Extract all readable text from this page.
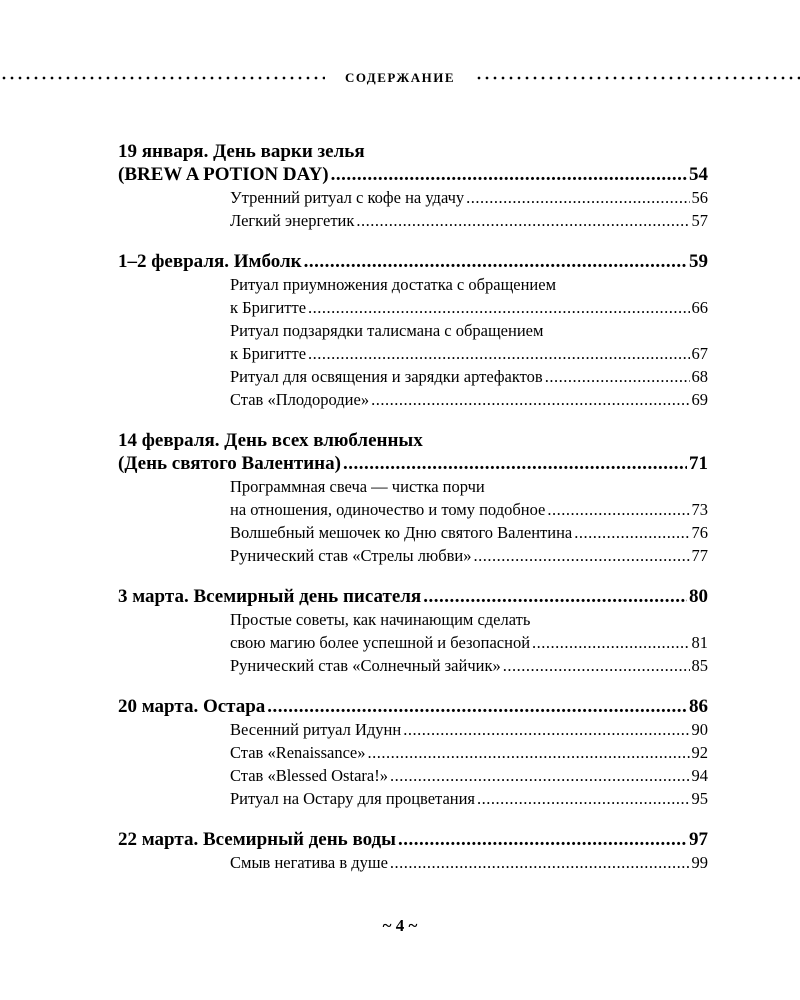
СОДЕРЖАНИЕ
19 января. День варки зелья
(BREW A POTION DAY) .....	54
Утренний ритуал с кофе на удачу .....	56
Легкий энергетик .....	57
1–2 февраля. Имболк .....	59
Ритуал приумножения достатка с обращением
к Бригитте .....	66
Ритуал подзарядки талисмана с обращением
к Бригитте .....	67
Ритуал для освящения и зарядки артефактов .....	68
Став «Плодородие» .....	69
14 февраля. День всех влюбленных
(День святого Валентина) .....	71
Программная свеча — чистка порчи
на отношения, одиночество и тому подобное .....	73
Волшебный мешочек ко Дню святого Валентина .....	76
Рунический став «Стрелы любви» .....	77
3 марта. Всемирный день писателя .....	80
Простые советы, как начинающим сделать
свою магию более успешной и безопасной .....	81
Рунический став «Солнечный зайчик» .....	85
20 марта. Остара .....	86
Весенний ритуал Идунн .....	90
Став «Renaissance» .....	92
Став «Blessed Ostara!» .....	94
Ритуал на Остару для процветания .....	95
22 марта. Всемирный день воды .....	97
Смыв негатива в душе .....	99
~ 4 ~
